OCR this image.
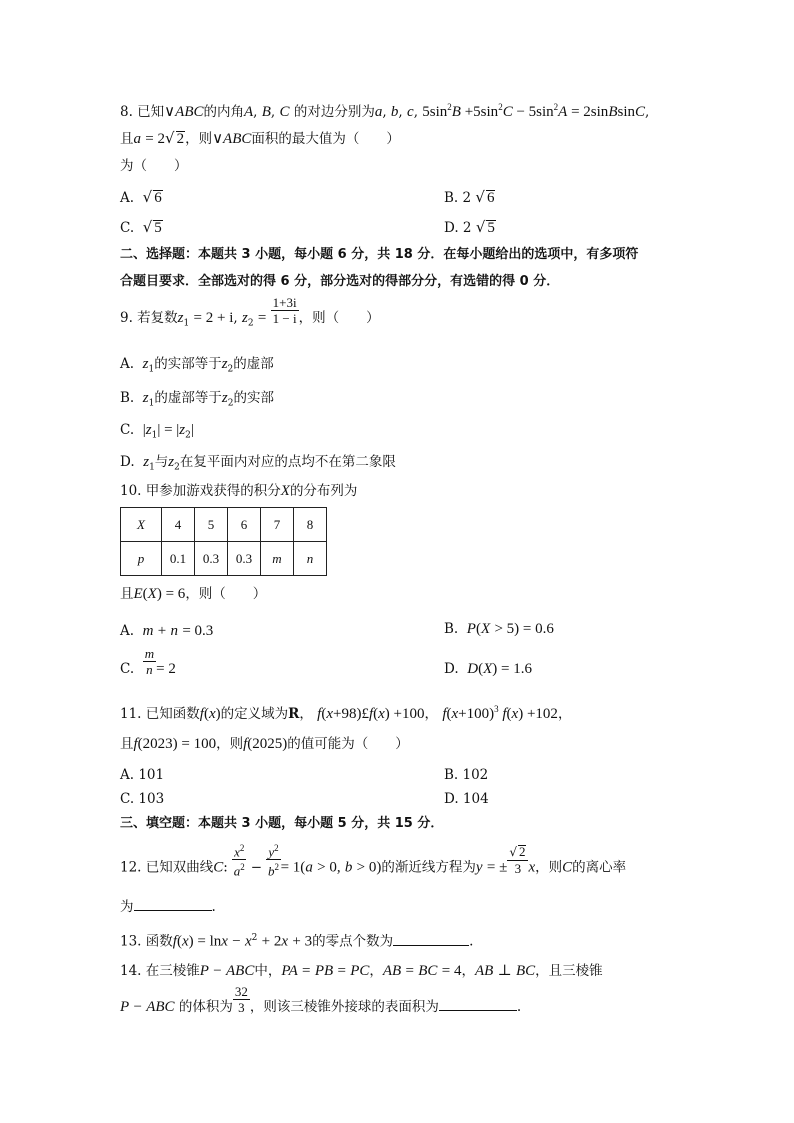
8. 已知∨ABC的内角A, B, C 的对边分别为a, b, c, $5\sin^2B +5\sin^2C - 5\sin^2A$ = 2sinBsinC,
且a = 2√ 2，则∨ABC面积的最大值为（　　）
为（　　）
A.  √ 6	B. 2 √ 6
C.  √ 5	D. 2 √ 5
二、选择题：本题共 3 小题，每小题 6 分，共 18 分．在每小题给出的选项中，有多项符
合题目要求．全部选对的得 6 分，部分选对的得部分分，有选错的得 0 分．
9. 若复数$z_1 = 2 + i$, $z_2 = \frac{1+3i}{1 - i}$ ，则（　　）
A.  $z_1$的实部等于$z_2$的虚部
B.  $z_1$的虚部等于$z_2$的实部
C.  $|z_1| = |z_2|$
D.  $z_1$与$z_2$在复平面内对应的点均不在第二象限
10. 甲参加游戏获得的积分X的分布列为
X	4	5	6	7	8
p	0.1	0.3	0.3	m	n
且E(X) = 6，则（　　）
A.  m + n = 0.3	B.  P(X > 5) = 0.6
C. $\frac{m}{n} = 2$	D.  D(X) = 1.6
11. 已知函数f(x)的定义域为R， f(x+98)£f(x) +100， $f(x+100)^3$ f(x) +102，
且f(2023) = 100，则f(2025)的值可能为（　　）
A. 101	B. 102
C. 103	D. 104
三、填空题：本题共 3 小题，每小题 5 分，共 15 分．
12. 已知双曲线C: $\frac{x^2}{a^2} - \frac{y^2}{b^2} = 1(a > 0$, b > 0)的渐近线方程为y = ± $\frac{√ 2}{3}$ x，则C的离心率
为	.
13. 函数$f(x) = \ln x - x^2 + 2x + 3$的零点个数为	.
14. 在三棱锥P − ABC中，PA = PB = PC，AB = BC = 4，AB ⊥ BC，且三棱锥
P − ABC 的体积为 $\frac{32}{3}$ ，则该三棱锥外接球的表面积为	.
